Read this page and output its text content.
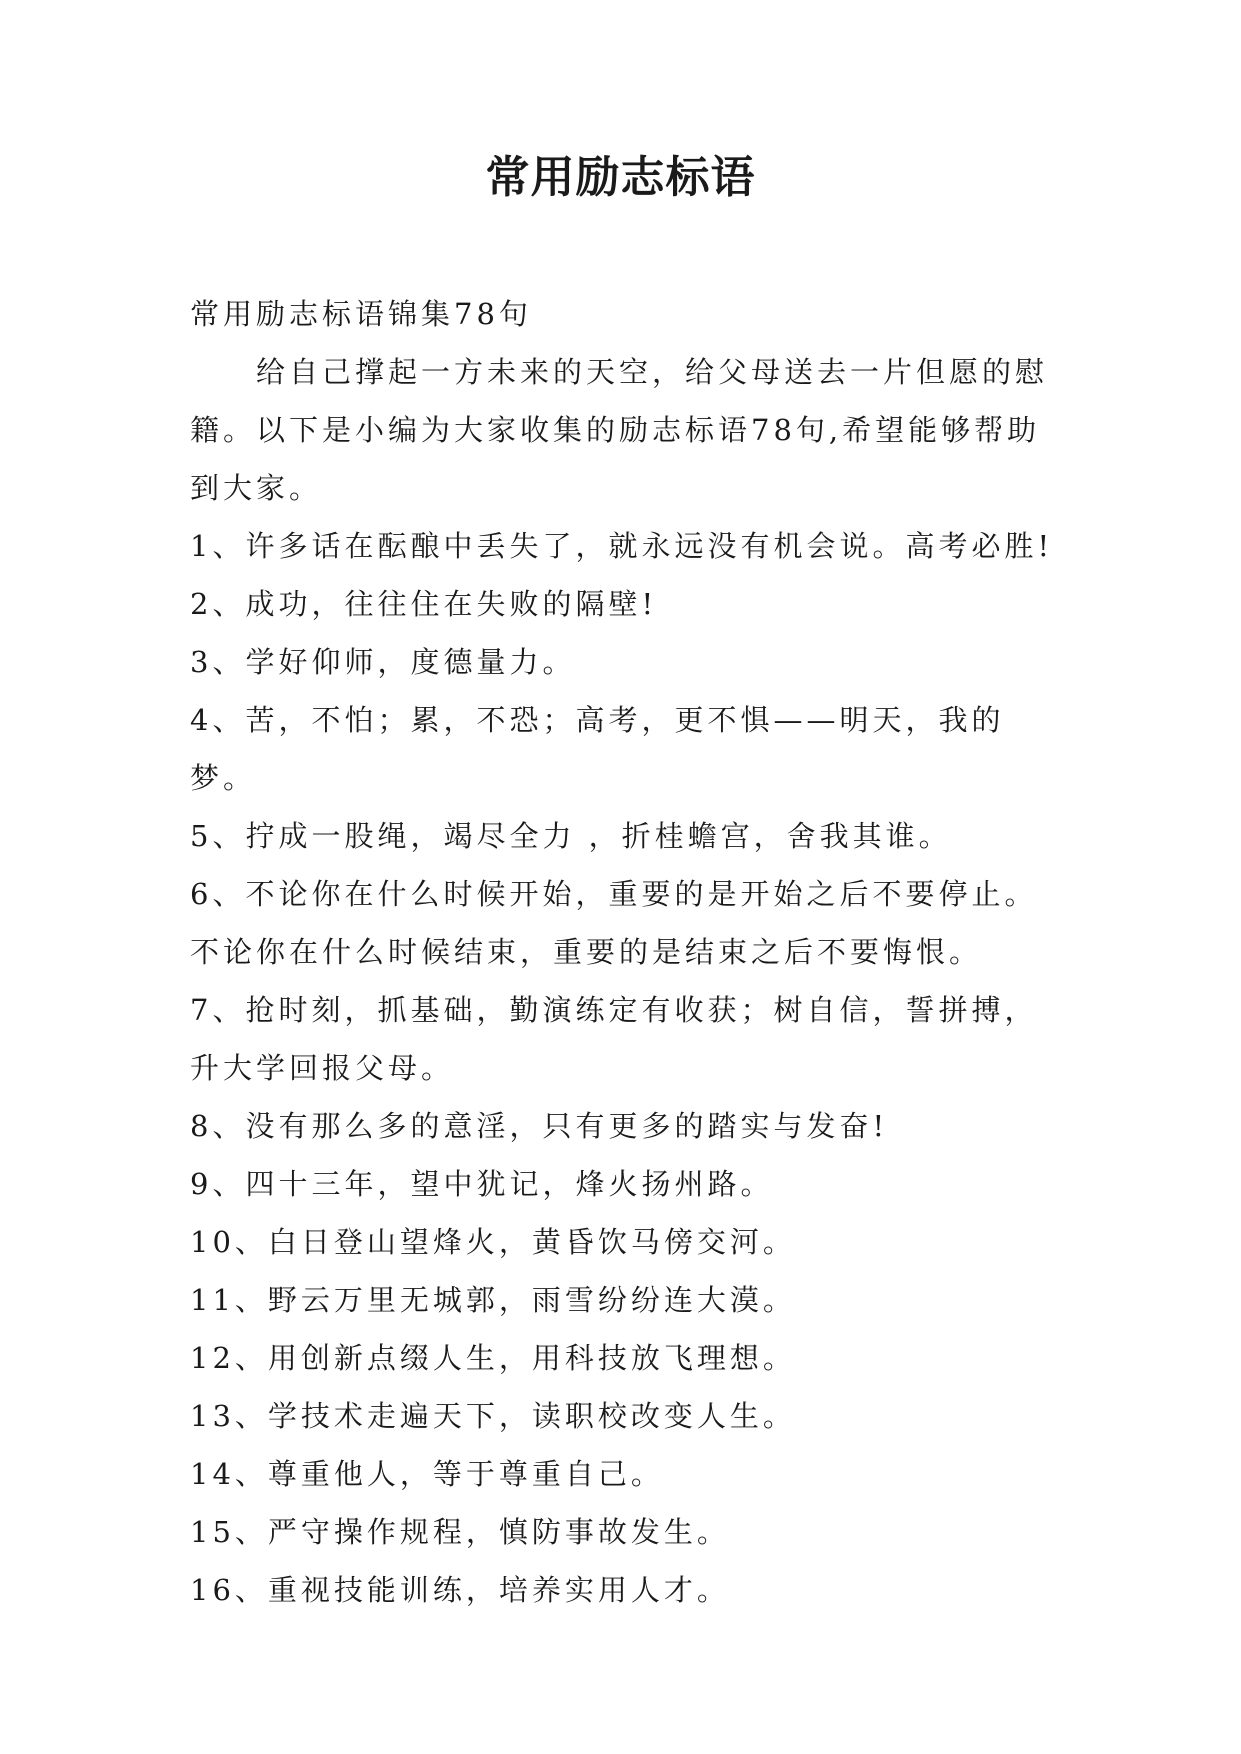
常用励志标语

常用励志标语锦集78句

给自己撑起一方未来的天空，给父母送去一片但愿的慰籍。以下是小编为大家收集的励志标语78句,希望能够帮助到大家。

1、许多话在酝酿中丢失了，就永远没有机会说。高考必胜!

2、成功，往往住在失败的隔壁!

3、学好仰师，度德量力。

4、苦，不怕；累，不恐；高考，更不惧——明天，我的梦。

5、拧成一股绳，竭尽全力 ，折桂蟾宫，舍我其谁。

6、不论你在什么时候开始，重要的是开始之后不要停止。不论你在什么时候结束，重要的是结束之后不要悔恨。

7、抢时刻，抓基础，勤演练定有收获；树自信，誓拼搏，升大学回报父母。

8、没有那么多的意淫，只有更多的踏实与发奋!

9、四十三年，望中犹记，烽火扬州路。

10、白日登山望烽火，黄昏饮马傍交河。

11、野云万里无城郭，雨雪纷纷连大漠。

12、用创新点缀人生，用科技放飞理想。

13、学技术走遍天下，读职校改变人生。

14、尊重他人，等于尊重自己。

15、严守操作规程，慎防事故发生。

16、重视技能训练，培养实用人才。
